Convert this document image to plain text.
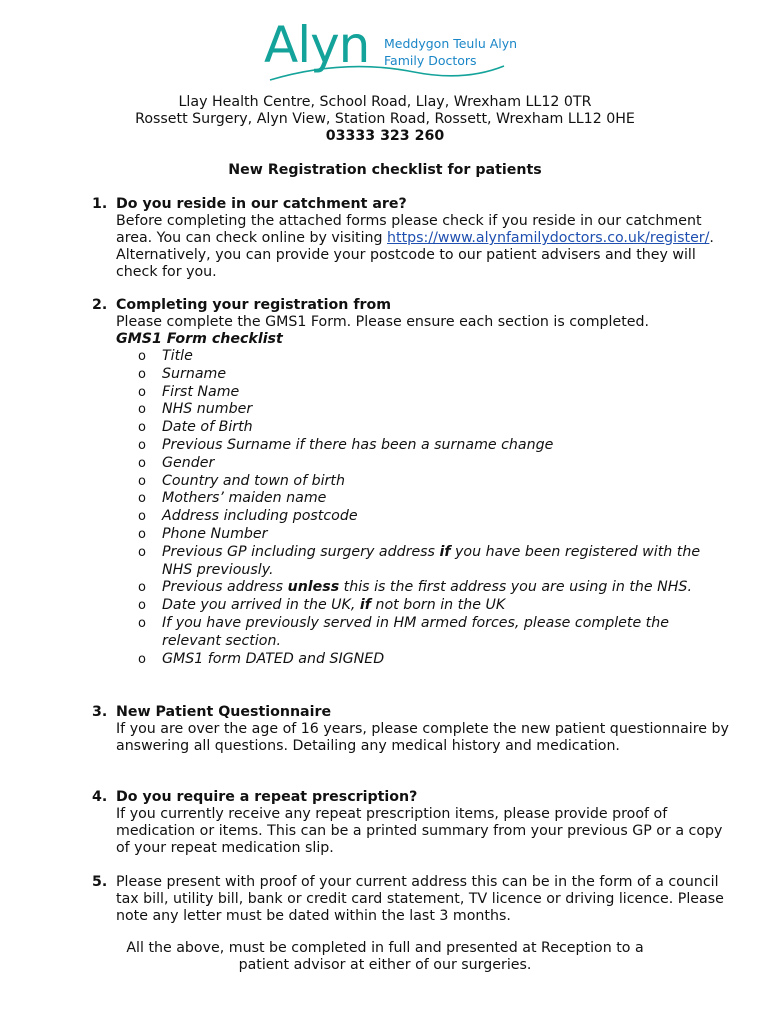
Alyn Meddygon Teulu Alyn
Family Doctors
Llay Health Centre, School Road, Llay, Wrexham LL12 0TR
Rossett Surgery, Alyn View, Station Road, Rossett, Wrexham LL12 0HE
03333 323 260
New Registration checklist for patients
1. Do you reside in our catchment are?
Before completing the attached forms please check if you reside in our catchment area. You can check online by visiting https://www.alynfamilydoctors.co.uk/register/. Alternatively, you can provide your postcode to our patient advisers and they will check for you.
2. Completing your registration from
Please complete the GMS1 Form. Please ensure each section is completed.
GMS1 Form checklist
o Title
o Surname
o First Name
o NHS number
o Date of Birth
o Previous Surname if there has been a surname change
o Gender
o Country and town of birth
o Mothers’ maiden name
o Address including postcode
o Phone Number
o Previous GP including surgery address if you have been registered with the NHS previously.
o Previous address unless this is the first address you are using in the NHS.
o Date you arrived in the UK, if not born in the UK
o If you have previously served in HM armed forces, please complete the relevant section.
o GMS1 form DATED and SIGNED
3. New Patient Questionnaire
If you are over the age of 16 years, please complete the new patient questionnaire by answering all questions. Detailing any medical history and medication.
4. Do you require a repeat prescription?
If you currently receive any repeat prescription items, please provide proof of medication or items. This can be a printed summary from your previous GP or a copy of your repeat medication slip.
5. Please present with proof of your current address this can be in the form of a council tax bill, utility bill, bank or credit card statement, TV licence or driving licence. Please note any letter must be dated within the last 3 months.
All the above, must be completed in full and presented at Reception to a patient advisor at either of our surgeries.
